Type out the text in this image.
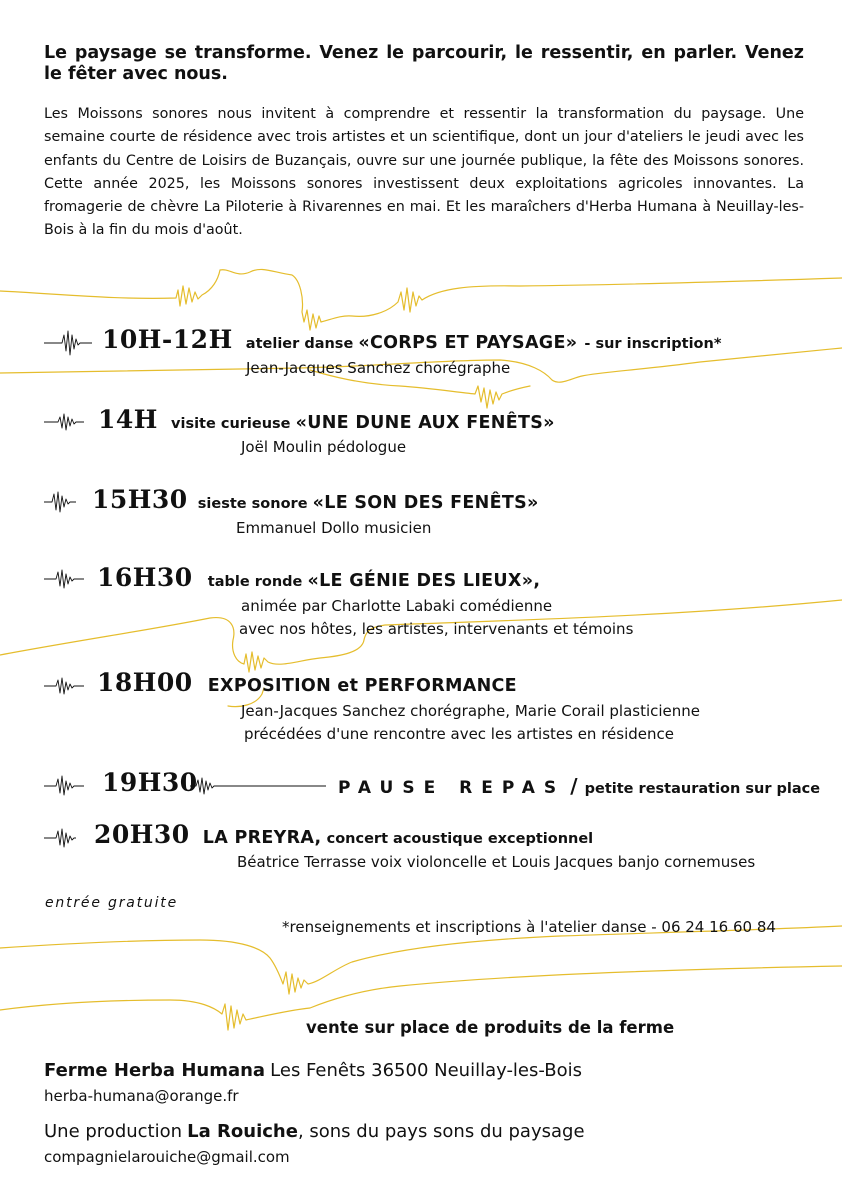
Le paysage se transforme. Venez le parcourir, le ressentir, en parler. Venez le fêter avec nous.
Les Moissons sonores nous invitent à comprendre et ressentir la transformation du paysage. Une semaine courte de résidence avec trois artistes et un scientifique, dont un jour d'ateliers le jeudi avec les enfants du Centre de Loisirs de Buzançais, ouvre sur une journée publique, la fête des Moissons sonores. Cette année 2025, les Moissons sonores investissent deux exploitations agricoles innovantes. La fromagerie de chèvre La Piloterie à Rivarennes en mai. Et les maraîchers d'Herba Humana à Neuillay-les-Bois à la fin du mois d'août.
10H-12H atelier danse «CORPS ET PAYSAGE» - sur inscription*
Jean-Jacques Sanchez chorégraphe
14H visite curieuse «UNE DUNE AUX FENÊTS»
Joël Moulin pédologue
15H30 sieste sonore «LE SON DES FENÊTS»
Emmanuel Dollo musicien
16H30 table ronde «LE GÉNIE DES LIEUX»,
animée par Charlotte Labaki comédienne
avec nos hôtes, les artistes, intervenants et témoins
18H00 EXPOSITION et PERFORMANCE
Jean-Jacques Sanchez chorégraphe, Marie Corail plasticienne
précédées d'une rencontre avec les artistes en résidence
19H30	PAUSE REPAS / petite restauration sur place
20H30 LA PREYRA, concert acoustique exceptionnel
Béatrice Terrasse voix violoncelle et Louis Jacques banjo cornemuses
entrée gratuite
*renseignements et inscriptions à l'atelier danse - 06 24 16 60 84
vente sur place de produits de la ferme
Ferme Herba Humana Les Fenêts 36500 Neuillay-les-Bois
herba-humana@orange.fr
Une production La Rouiche, sons du pays sons du paysage
compagnielarouiche@gmail.com
